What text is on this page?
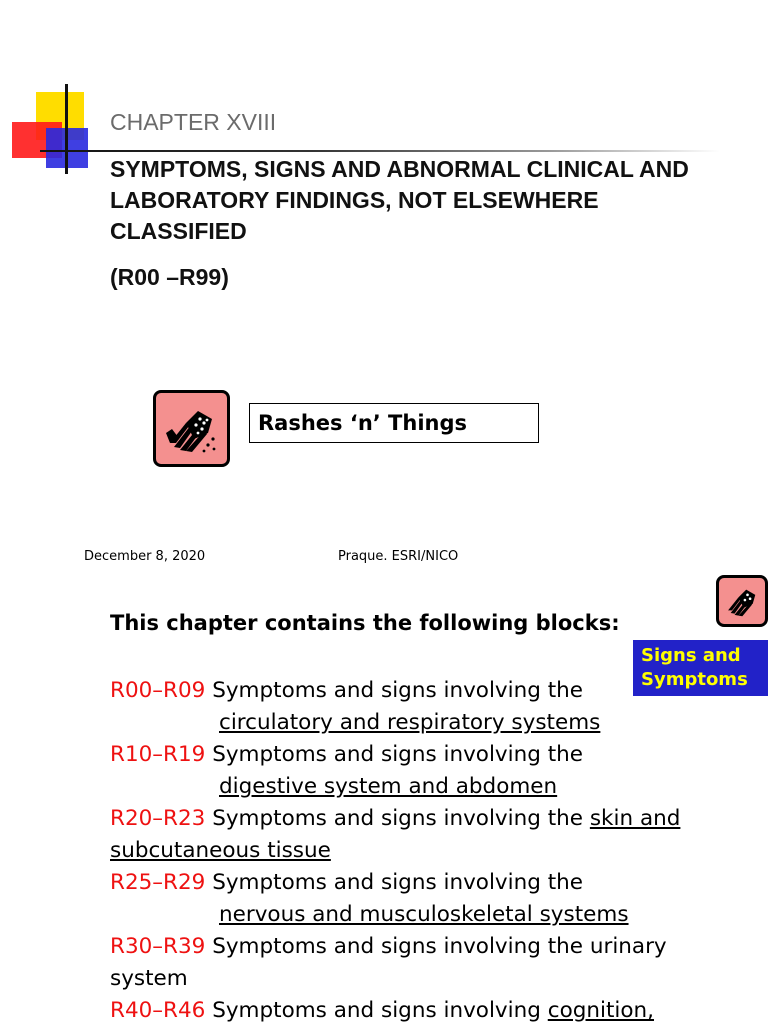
CHAPTER XVIII
SYMPTOMS, SIGNS AND ABNORMAL CLINICAL AND LABORATORY FINDINGS, NOT ELSEWHERE CLASSIFIED
(R00 –R99)
Rashes ‘n’ Things
December 8, 2020	Praque. ESRI/NICO
Signs and
Symptoms
This chapter contains the following blocks:

R00–R09 Symptoms and signs involving the
circulatory and respiratory systems

R10–R19 Symptoms and signs involving the
digestive system and abdomen

R20–R23 Symptoms and signs involving the skin and subcutaneous tissue

R25–R29 Symptoms and signs involving the
nervous and musculoskeletal systems

R30–R39 Symptoms and signs involving the urinary system

R40–R46 Symptoms and signs involving cognition,
